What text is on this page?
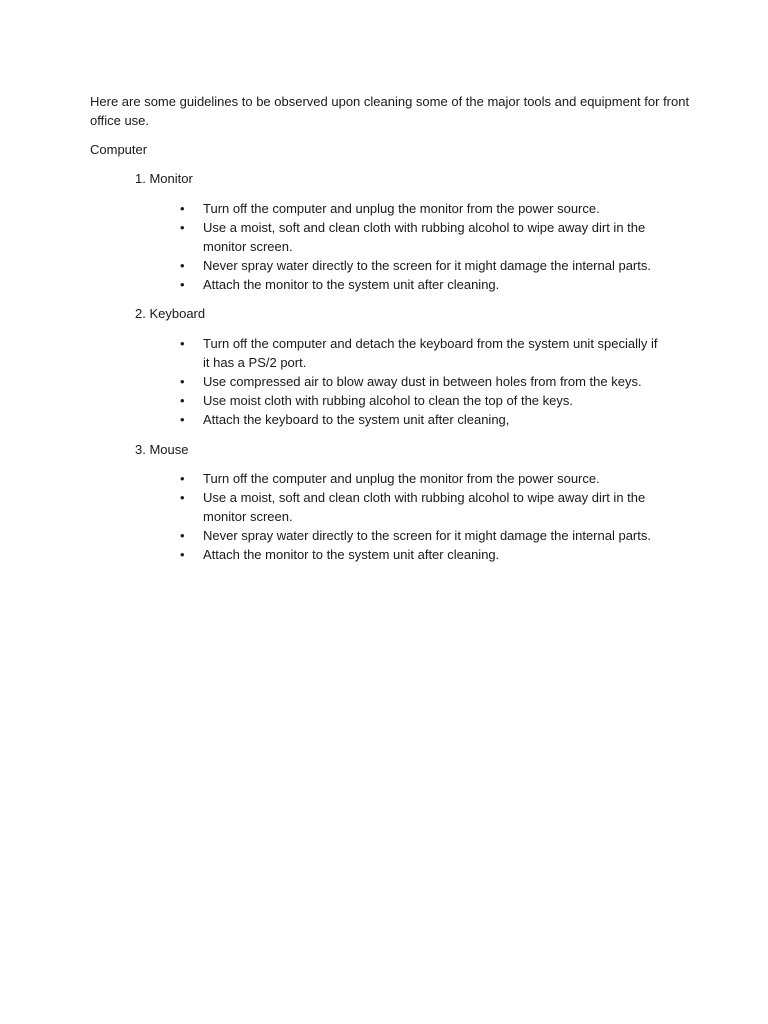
Here are some guidelines to be observed upon cleaning some of the major tools and equipment for front office use.

Computer

1. Monitor

• Turn off the computer and unplug the monitor from the power source.
• Use a moist, soft and clean cloth with rubbing alcohol to wipe away dirt in the monitor screen.
• Never spray water directly to the screen for it might damage the internal parts.
• Attach the monitor to the system unit after cleaning.

2. Keyboard

• Turn off the computer and detach the keyboard from the system unit specially if it has a PS/2 port.
• Use compressed air to blow away dust in between holes from from the keys.
• Use moist cloth with rubbing alcohol to clean the top of the keys.
• Attach the keyboard to the system unit after cleaning,

3. Mouse

• Turn off the computer and unplug the monitor from the power source.
• Use a moist, soft and clean cloth with rubbing alcohol to wipe away dirt in the monitor screen.
• Never spray water directly to the screen for it might damage the internal parts.
• Attach the monitor to the system unit after cleaning.
